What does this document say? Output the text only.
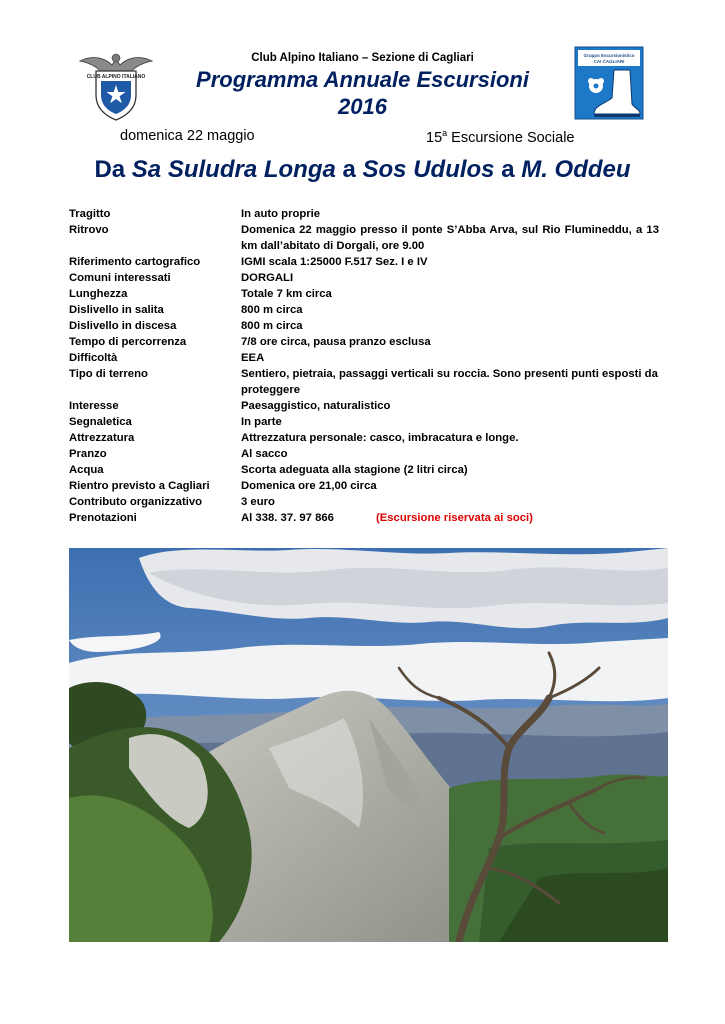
CLUB ALPINO ITALIANO
Gruppo Escursionistico
CAI CAGLIARI
Club Alpino Italiano – Sezione di Cagliari
Programma Annuale Escursioni
2016
domenica 22 maggio	15$^a$ Escursione Sociale
Da Sa Suludra Longa a Sos Udulos a M. Oddeu
Tragitto	In auto proprie
Ritrovo	Domenica 22 maggio presso il ponte S’Abba Arva, sul Rio Flumineddu, a 13 km dall’abitato di Dorgali, ore 9.00
Riferimento cartografico	IGMI scala 1:25000 F.517 Sez. I e IV
Comuni interessati	DORGALI
Lunghezza	Totale 7 km circa
Dislivello in salita	800 m circa
Dislivello in discesa	800 m circa
Tempo di percorrenza	7/8 ore circa, pausa pranzo esclusa
Difficoltà	EEA
Tipo di terreno	Sentiero, pietraia, passaggi verticali su roccia. Sono presenti punti esposti da proteggere
Interesse	Paesaggistico, naturalistico
Segnaletica	In parte
Attrezzatura	Attrezzatura personale: casco, imbracatura e longe.
Pranzo	Al sacco
Acqua	Scorta adeguata alla stagione (2 litri circa)
Rientro previsto a Cagliari	Domenica ore 21,00 circa
Contributo organizzativo	3 euro
Prenotazioni	Al 338. 37. 97 866	(Escursione riservata ai soci)
